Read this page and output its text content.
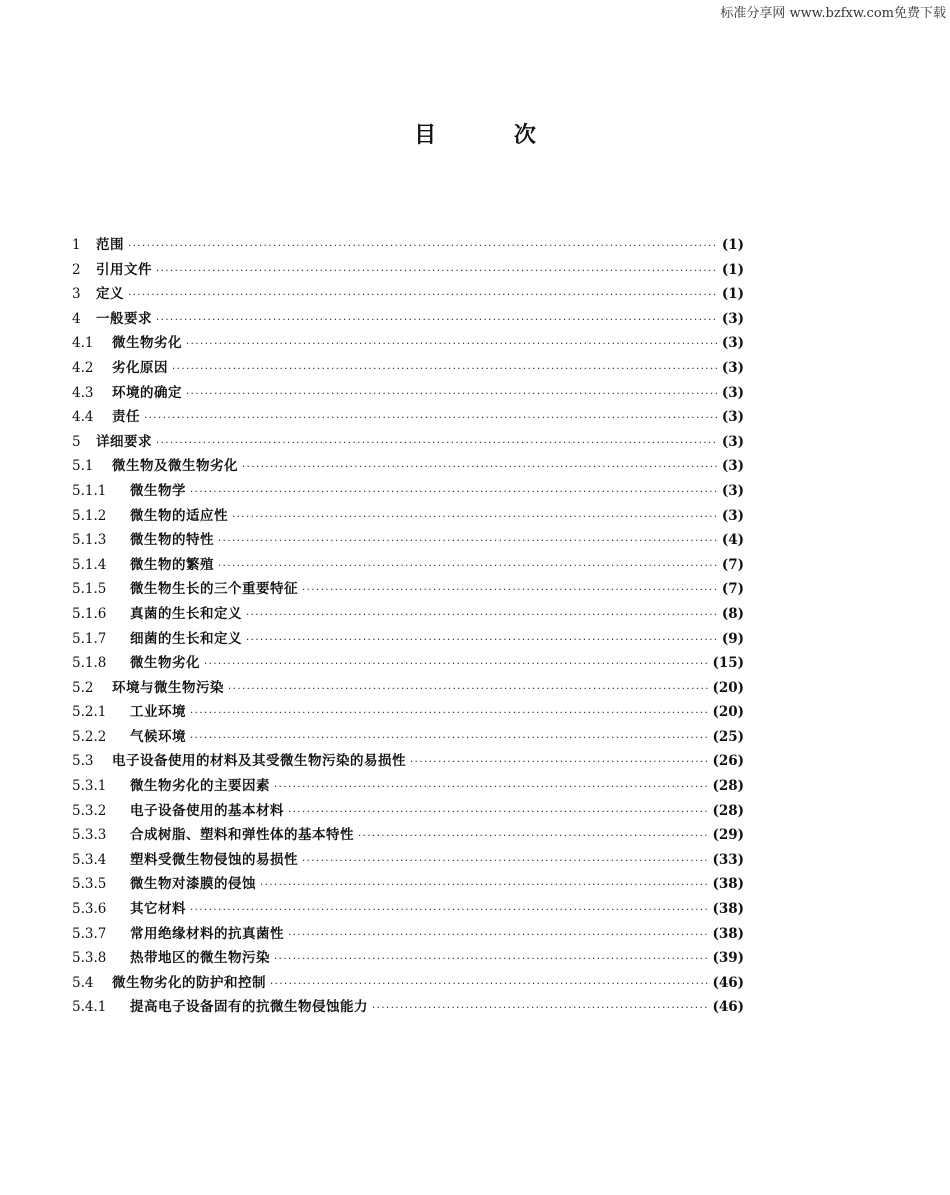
标准分享网 www.bzfxw.com免费下载
目	次
1	范围 ·····	(1)
2	引用文件 ·····	(1)
3	定义 ·····	(1)
4	一般要求 ·····	(3)
4.1	微生物劣化 ·····	(3)
4.2	劣化原因 ·····	(3)
4.3	环境的确定 ·····	(3)
4.4	责任 ·····	(3)
5	详细要求 ·····	(3)
5.1	微生物及微生物劣化 ·····	(3)
5.1.1	微生物学 ·····	(3)
5.1.2	微生物的适应性 ·····	(3)
5.1.3	微生物的特性 ·····	(4)
5.1.4	微生物的繁殖 ·····	(7)
5.1.5	微生物生长的三个重要特征 ·····	(7)
5.1.6	真菌的生长和定义 ·····	(8)
5.1.7	细菌的生长和定义 ·····	(9)
5.1.8	微生物劣化 ·····	(15)
5.2	环境与微生物污染 ·····	(20)
5.2.1	工业环境 ·····	(20)
5.2.2	气候环境 ·····	(25)
5.3	电子设备使用的材料及其受微生物污染的易损性 ·····	(26)
5.3.1	微生物劣化的主要因素 ·····	(28)
5.3.2	电子设备使用的基本材料 ·····	(28)
5.3.3	合成树脂、塑料和弹性体的基本特性 ·····	(29)
5.3.4	塑料受微生物侵蚀的易损性 ·····	(33)
5.3.5	微生物对漆膜的侵蚀 ·····	(38)
5.3.6	其它材料 ·····	(38)
5.3.7	常用绝缘材料的抗真菌性 ·····	(38)
5.3.8	热带地区的微生物污染 ·····	(39)
5.4	微生物劣化的防护和控制 ·····	(46)
5.4.1	提高电子设备固有的抗微生物侵蚀能力 ·····	(46)
